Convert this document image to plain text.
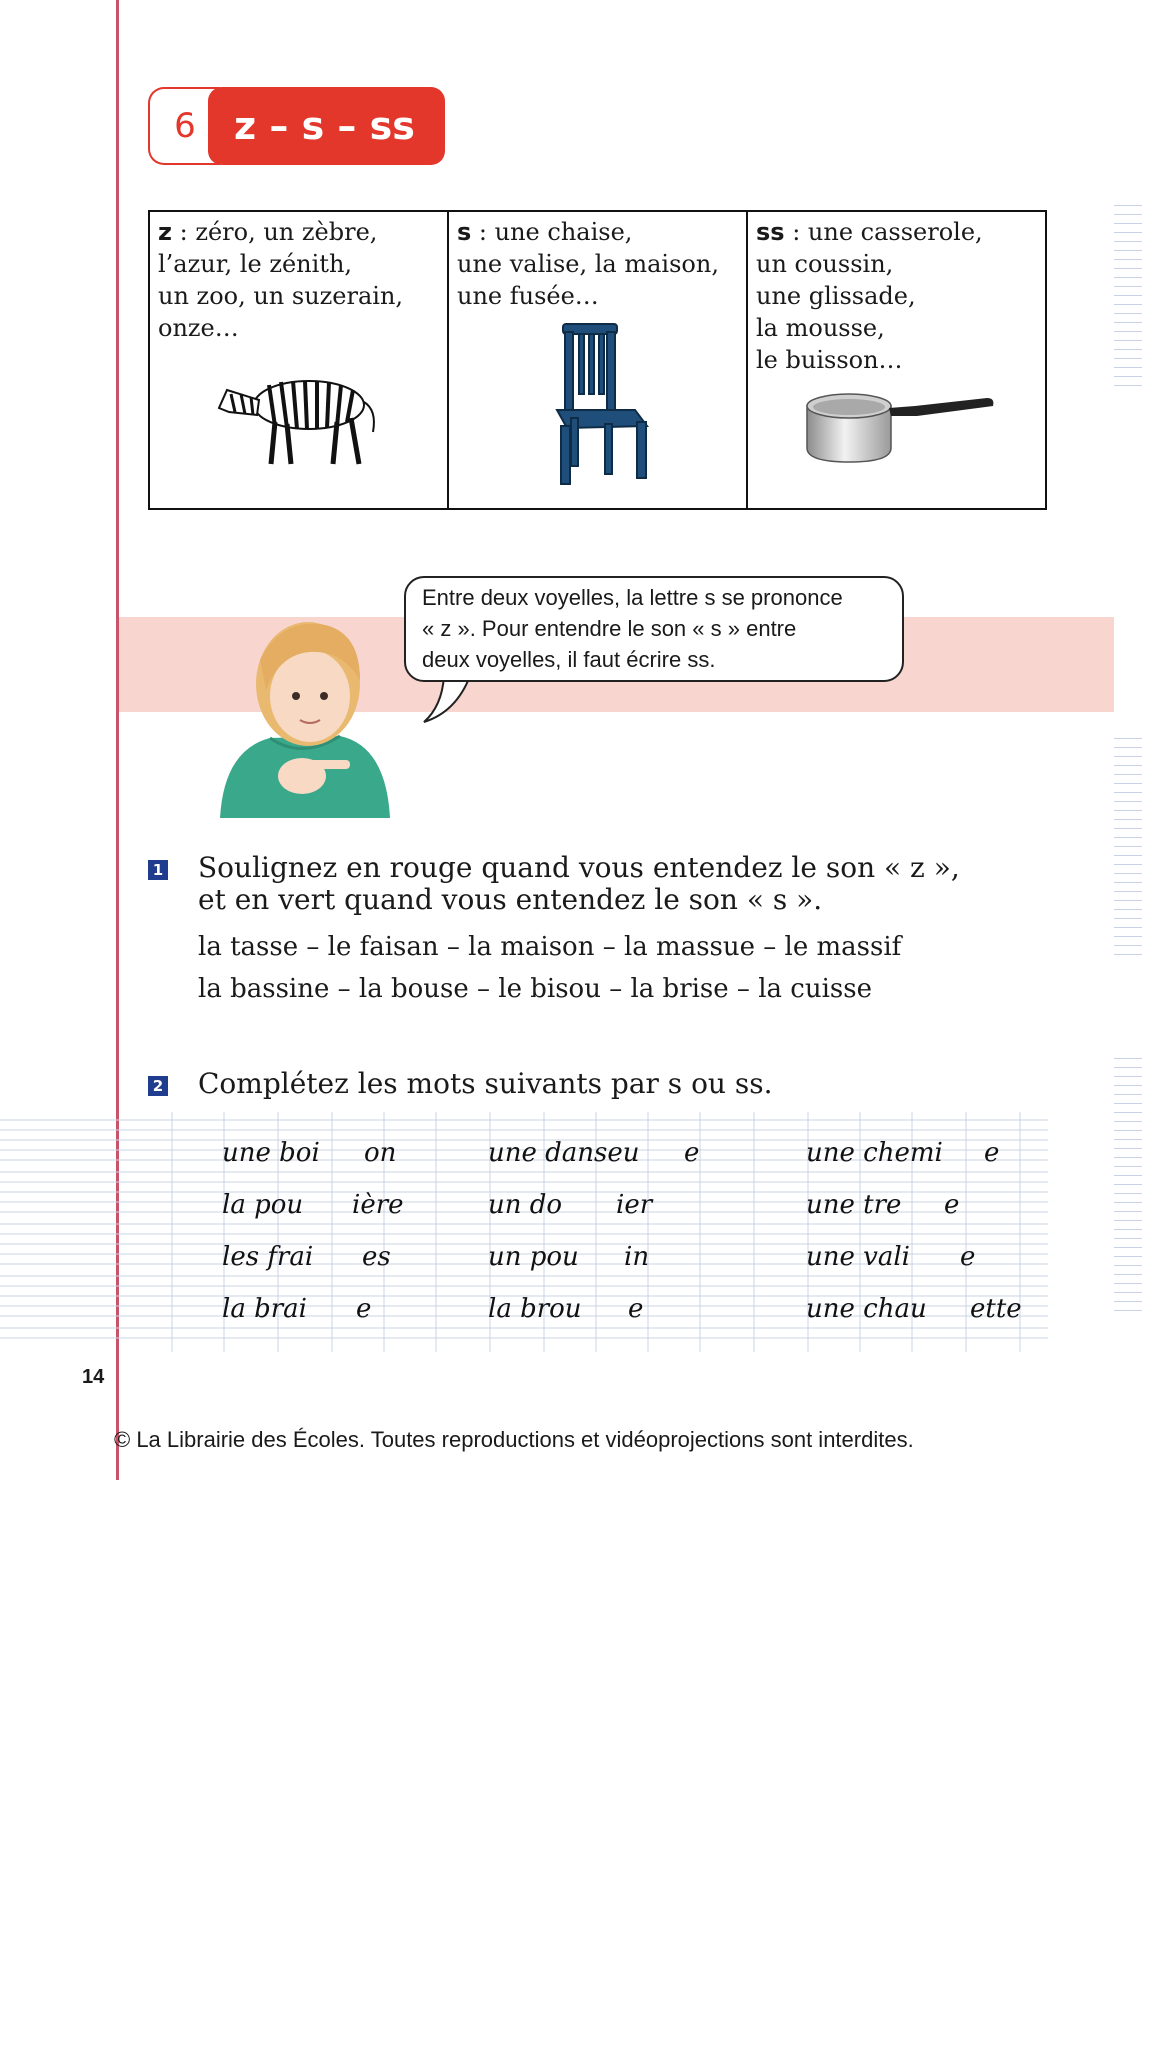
6	z – s – ss
z : zéro, un zèbre,
l’azur, le zénith,
un zoo, un suzerain,
onze…

s : une chaise,
une valise, la maison,
une fusée…

ss : une casserole,
un coussin,
une glissade,
la mousse,
le buisson…
Entre deux voyelles, la lettre s se prononce
« z ». Pour entendre le son « s » entre
deux voyelles, il faut écrire ss.
1 Soulignez en rouge quand vous entendez le son « z »,
et en vert quand vous entendez le son « s ».
la tasse – le faisan – la maison – la massue – le massif
la bassine – la bouse – le bisou – la brise – la cuisse
2 Complétez les mots suivants par s ou ss.
une boi on	une danseu e	une chemi e
la pou ière	un do ier	une tre e
les frai es	un pou in	une vali e
la brai e	la brou e	une chau ette
14
© La Librairie des Écoles. Toutes reproductions et vidéoprojections sont interdites.
